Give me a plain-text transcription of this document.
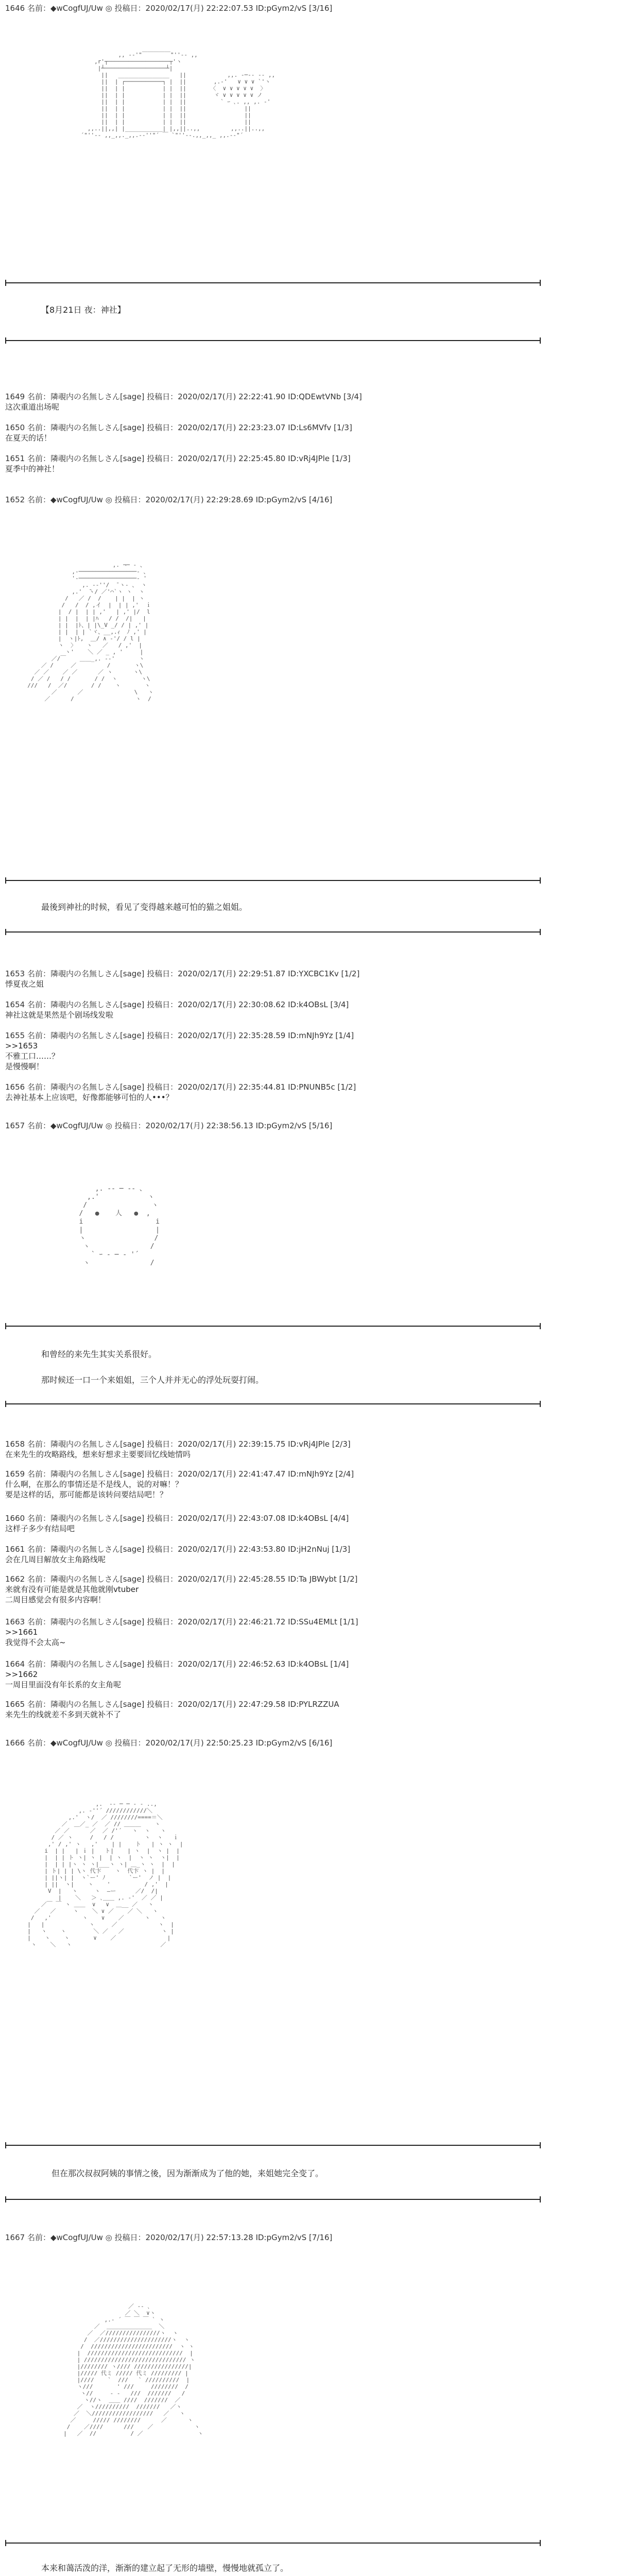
1646 名前：◆wCogfUJ/Uw ◎ 投稿日：2020/02/17(月) 22:22:07.53 ID:pGym2/vS [3/16]
,, -‐'"￣￣￣￣￣"''‐- ,,
,r'┬──────────────────┬'ヽ
|┴──────────────────┴|
||   _______________   ||            ,,. -─‐‐ ‐‐ ,,
||  | ┌───────────┐ |  ||        ,.-'   ∨ ∨ ∨ `'ヽ
||  | |           | |  ||       〈  ∨ ∨ ∨ ∨ ∨  〉
||  | |           | |  ||        ヾ ∨ ∨ ∨ ∨ ∨ ノ
||  | |           | |  ||          ` ｰ ､. ,, ,. -'
||  | |           | |  ||                 ||
||  | |           | |  ||                 ||
||  | |           | |  ||                 ||
,,..||,,| |___________| |,,||..,,         ,,..||..,,
´"''‐- ,,_,,._,,.-‐''"´ ￣ `"''‐-.,,_,,_ ,,.-‐"´
【8月21日 夜：神社】
1649 名前：隣覗内の名無しさん[sage] 投稿日：2020/02/17(月) 22:22:41.90 ID:QDEwtVNb [3/4]
这次重道出场呢
1650 名前：隣覗内の名無しさん[sage] 投稿日：2020/02/17(月) 22:23:23.07 ID:Ls6MVfv [1/3]
在夏天的话！
1651 名前：隣覗内の名無しさん[sage] 投稿日：2020/02/17(月) 22:25:45.80 ID:vRj4JPle [1/3]
夏季中的神社！
1652 名前：◆wCogfUJ/Uw ◎ 投稿日：2020/02/17(月) 22:29:28.69 ID:pGym2/vS [4/16]
,. ¬─ ‐ 、
,-─────────────────‐ 、
'-─────────────────‐ '
,. -‐''/  ̄ ヽ‐ 、 ヽ
,.'  ̄ヽ/ ／'⌒`ヽ ヽ  ヽ
/   ／ /  /    | |  | ヽ
/   /  / ,イ  |  | | ,'  ｉ
|  / |  | | ,'   | ,' |/  l
| |  |  | |ﾊ   / /  /|   |
| |  |ﾄ、| |\_V _/ / | ,' |
| |  | | `ヾ、__,.ｨ  ﾉ ,' |
|  ヽ|ﾄ,  ＿/ ∧ -'/ / l |
ヽ  〉   ヽ   ／   / ,'  |
ヽ'    ＼ ／ _ , '     |
／/￣    ＿＿_,. -‐'       ヽ
／ /     ／         /       ヽ\
／ ／    ／ ／      ／ ヽ      ヽ\
/ ／ /   / /       / /  ヽ       ヽ\
///   /  ／/       / /    ヽ       ヽ
／      ／               \   ヽ
／      /                  ヽ  /
最後到神社的时候，看见了变得越来越可怕的猫之姐姐。
1653 名前：隣覗内の名無しさん[sage] 投稿日：2020/02/17(月) 22:29:51.87 ID:YXCBC1Kv [1/2]
悸夏夜之姐
1654 名前：隣覗内の名無しさん[sage] 投稿日：2020/02/17(月) 22:30:08.62 ID:k4OBsL [3/4]
神社这就是果然是个剧场线发啦
1655 名前：隣覗内の名無しさん[sage] 投稿日：2020/02/17(月) 22:35:28.59 ID:mNJh9Yz [1/4]
>>1653
不雅工口……？
是慢慢啊！
1656 名前：隣覗内の名無しさん[sage] 投稿日：2020/02/17(月) 22:35:44.81 ID:PNUNB5c [1/2]
去神社基本上应该吧，好像都能够可怕的人•••？
1657 名前：◆wCogfUJ/Uw ◎ 投稿日：2020/02/17(月) 22:38:56.13 ID:pGym2/vS [5/16]
,. -‐ ─ ‐- 、
,.'            ヽ
/                ヽ
/   ●    人   ●  ,
i                  i
|                  |
ヽ                 /
ヽ               /
` ｰ ‐ ─ ‐ '´
ヽ               /
和曾经的来先生其实关系很好。
那时候还一口一个来姐姐，三个人并并无心的浮处玩耍打闹。
1658 名前：隣覗内の名無しさん[sage] 投稿日：2020/02/17(月) 22:39:15.75 ID:vRj4JPle [2/3]
在来先生的攻略路线，想来好想求主要要回忆线她情吗
1659 名前：隣覗内の名無しさん[sage] 投稿日：2020/02/17(月) 22:41:47.47 ID:mNJh9Yz [2/4]
什么啊，在那么的事情还是不是线人，说的对嘛！？
要是这样的话，那可能都是该转问要结局吧！？
1660 名前：隣覗内の名無しさん[sage] 投稿日：2020/02/17(月) 22:43:07.08 ID:k4OBsL [4/4]
这样子多少有结局吧
1661 名前：隣覗内の名無しさん[sage] 投稿日：2020/02/17(月) 22:43:53.80 ID:jH2nNuj [1/3]
会在几周目解放女主角路线呢
1662 名前：隣覗内の名無しさん[sage] 投稿日：2020/02/17(月) 22:45:28.55 ID:Ta JBWybt [1/2]
来就有没有可能是就是其他就刚vtuber
二周目感觉会有很多内容啊！
1663 名前：隣覗内の名無しさん[sage] 投稿日：2020/02/17(月) 22:46:21.72 ID:SSu4EMLt [1/1]
>>1661
我觉得不会太高~
1664 名前：隣覗内の名無しさん[sage] 投稿日：2020/02/17(月) 22:46:52.63 ID:k4OBsL [1/4]
>>1662
一周目里面没有年长系的女主角呢
1665 名前：隣覗内の名無しさん[sage] 投稿日：2020/02/17(月) 22:47:29.58 ID:PYLRZZUA
来先生的线就差不多到天就补不了
1666 名前：◆wCogfUJ/Uw ◎ 投稿日：2020/02/17(月) 22:50:25.23 ID:pGym2/vS [6/16]
,.  -‐ ─ ─ ‐ - ..,
,. ‐''´ ////////////＼
,.'  ヽ/  ／ ////////====＝＼
／  ＿／_ ／  ／ // ＿＿＿    ヽ
／ ／      ／  ／ /'´   ヽ  ヽ   ヽ
/ ／ ヽ     /   / /         ヽ  ヽ   ｉ
,' / ,' ヽ   ,'    | |    ト   | ヽ ヽ  |
i  | |   | ｉ |   ト|    | ヽ  |  ヽ |  |
|  | | ト ヽ| ヽ |  | ヽ  |  ヽ ヽ  ヽ|  |
|  | | |ヽ ヽ ヽ|___ヽ ヽ| ＿_ヽ ヽ  |  |
| ト| | | \ヽ 代卞    ヽ  代卞 ヽ |  |
| ||ヽ| |  ヽ`ー' ﾉ       `ー'  ノ |  |
| ||  ヽ|    ヽ    '          / ,'  |
V  |   ヽ     ヽ  ―ー  　  ／/  /|
|    ＼   ＞ ､＿＿ ,. ‐'  ／ ／ |
／￣ ￣ ヽ ＿＿  ∨   ∨  ＿__ ／   ヽ
／   ／     ヽ    ＼ ∨ ／    ／ ＼   ヽ
/   ,'         ヽ    ∨    ／      ヽ   ヽ
|   |             ヽ     ／            ヽ  |
|   ヽ    ヽ        ＼ ／   ／           ヽ |
|    ヽ    ヽ       ∨    ／               |
ヽ    ＼   ヽ                          ／
但在那次叔叔阿姨的事情之後，因为渐渐成为了他的她，来姐她完全变了。
1667 名前：◆wCogfUJ/Uw ◎ 投稿日：2020/02/17(月) 22:57:13.28 ID:pGym2/vS [7/16]
／ ‐- ､
／ ＼  ∨ヽ
,.- ´ ￣ ￣ ￣ ` ヽ
／  ＿＿＿＿＿＿＿＿  ＼
／  ／////////////////ヽ  ヽ
/  ／/////////////////////ヽ  ヽ
/  ////////////////////////  ヽ ヽ
|  ////////////////////////////  |
| ////////////////////////////// ヽ
|//////// ヽ//// ////////////////|
|///// 代ミ ///// 代ミ ///////// |
|////    `  ///   ` //////////  |
ヽ///       ' ///     ////////  /
ヽ//     ‐ -   ///  ///////   /
ヽ//ヽ  ＿＿ ////  ///////  ／
／  ヽ//////////  ///////   ／ヽ
／  ＼//////////////////   ／   ヽ
／     ///// ////////      ／      ヽ
/    ／////      ///    ／            ヽ
|   ／  //          / ／                ヽ
本来和蔼活泼的洋，渐渐的建立起了无形的墙壁，慢慢地就孤立了。
